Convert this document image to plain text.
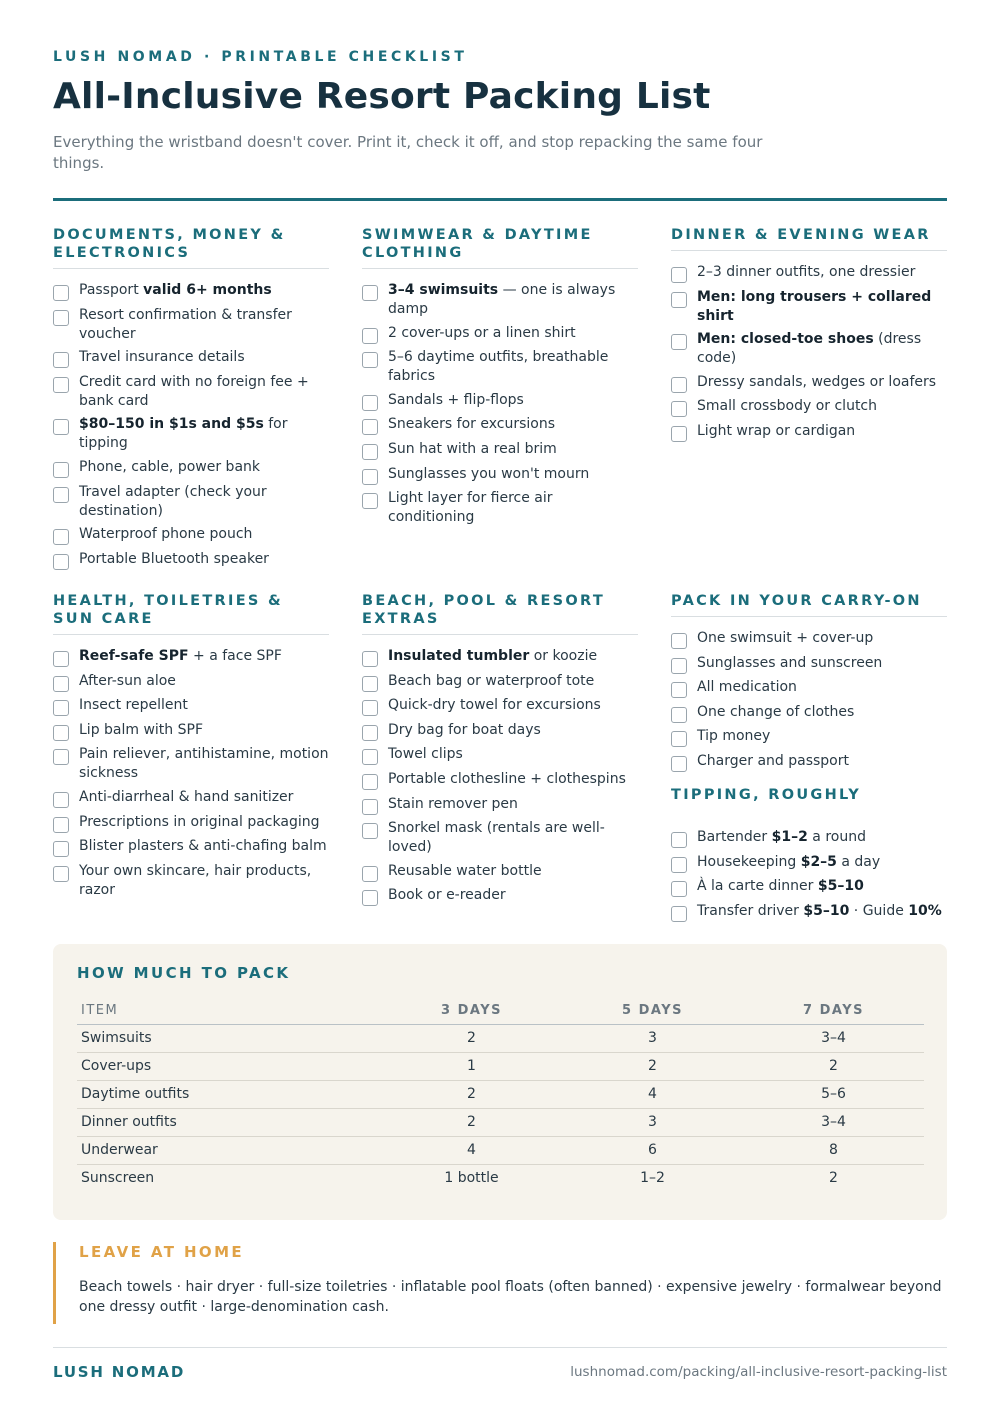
LUSH NOMAD · PRINTABLE CHECKLIST
All-Inclusive Resort Packing List

Everything the wristband doesn't cover. Print it, check it off, and stop repacking the same four things.

DOCUMENTS, MONEY & ELECTRONICS
Passport valid 6+ months
Resort confirmation & transfer voucher
Travel insurance details
Credit card with no foreign fee + bank card
$80–150 in $1s and $5s for tipping
Phone, cable, power bank
Travel adapter (check your destination)
Waterproof phone pouch
Portable Bluetooth speaker
SWIMWEAR & DAYTIME CLOTHING
3–4 swimsuits — one is always damp
2 cover-ups or a linen shirt
5–6 daytime outfits, breathable fabrics
Sandals + flip-flops
Sneakers for excursions
Sun hat with a real brim
Sunglasses you won't mourn
Light layer for fierce air conditioning
DINNER & EVENING WEAR
2–3 dinner outfits, one dressier
Men: long trousers + collared shirt
Men: closed-toe shoes (dress code)
Dressy sandals, wedges or loafers
Small crossbody or clutch
Light wrap or cardigan
HEALTH, TOILETRIES & SUN CARE
Reef-safe SPF + a face SPF
After-sun aloe
Insect repellent
Lip balm with SPF
Pain reliever, antihistamine, motion sickness
Anti-diarrheal & hand sanitizer
Prescriptions in original packaging
Blister plasters & anti-chafing balm
Your own skincare, hair products, razor
BEACH, POOL & RESORT EXTRAS
Insulated tumbler or koozie
Beach bag or waterproof tote
Quick-dry towel for excursions
Dry bag for boat days
Towel clips
Portable clothesline + clothespins
Stain remover pen
Snorkel mask (rentals are well-loved)
Reusable water bottle
Book or e-reader
PACK IN YOUR CARRY-ON
One swimsuit + cover-up
Sunglasses and sunscreen
All medication
One change of clothes
Tip money
Charger and passport
TIPPING, ROUGHLY
Bartender $1–2 a round
Housekeeping $2–5 a day
À la carte dinner $5–10
Transfer driver $5–10 · Guide 10%
HOW MUCH TO PACK
ITEM	3 DAYS	5 DAYS	7 DAYS
Swimsuits	2	3	3–4
Cover-ups	1	2	2
Daytime outfits	2	4	5–6
Dinner outfits	2	3	3–4
Underwear	4	6	8
Sunscreen	1 bottle	1–2	2
LEAVE AT HOME

Beach towels · hair dryer · full-size toiletries · inflatable pool floats (often banned) · expensive jewelry · formalwear beyond one dressy outfit · large-denomination cash.

LUSH NOMAD	lushnomad.com/packing/all-inclusive-resort-packing-list
